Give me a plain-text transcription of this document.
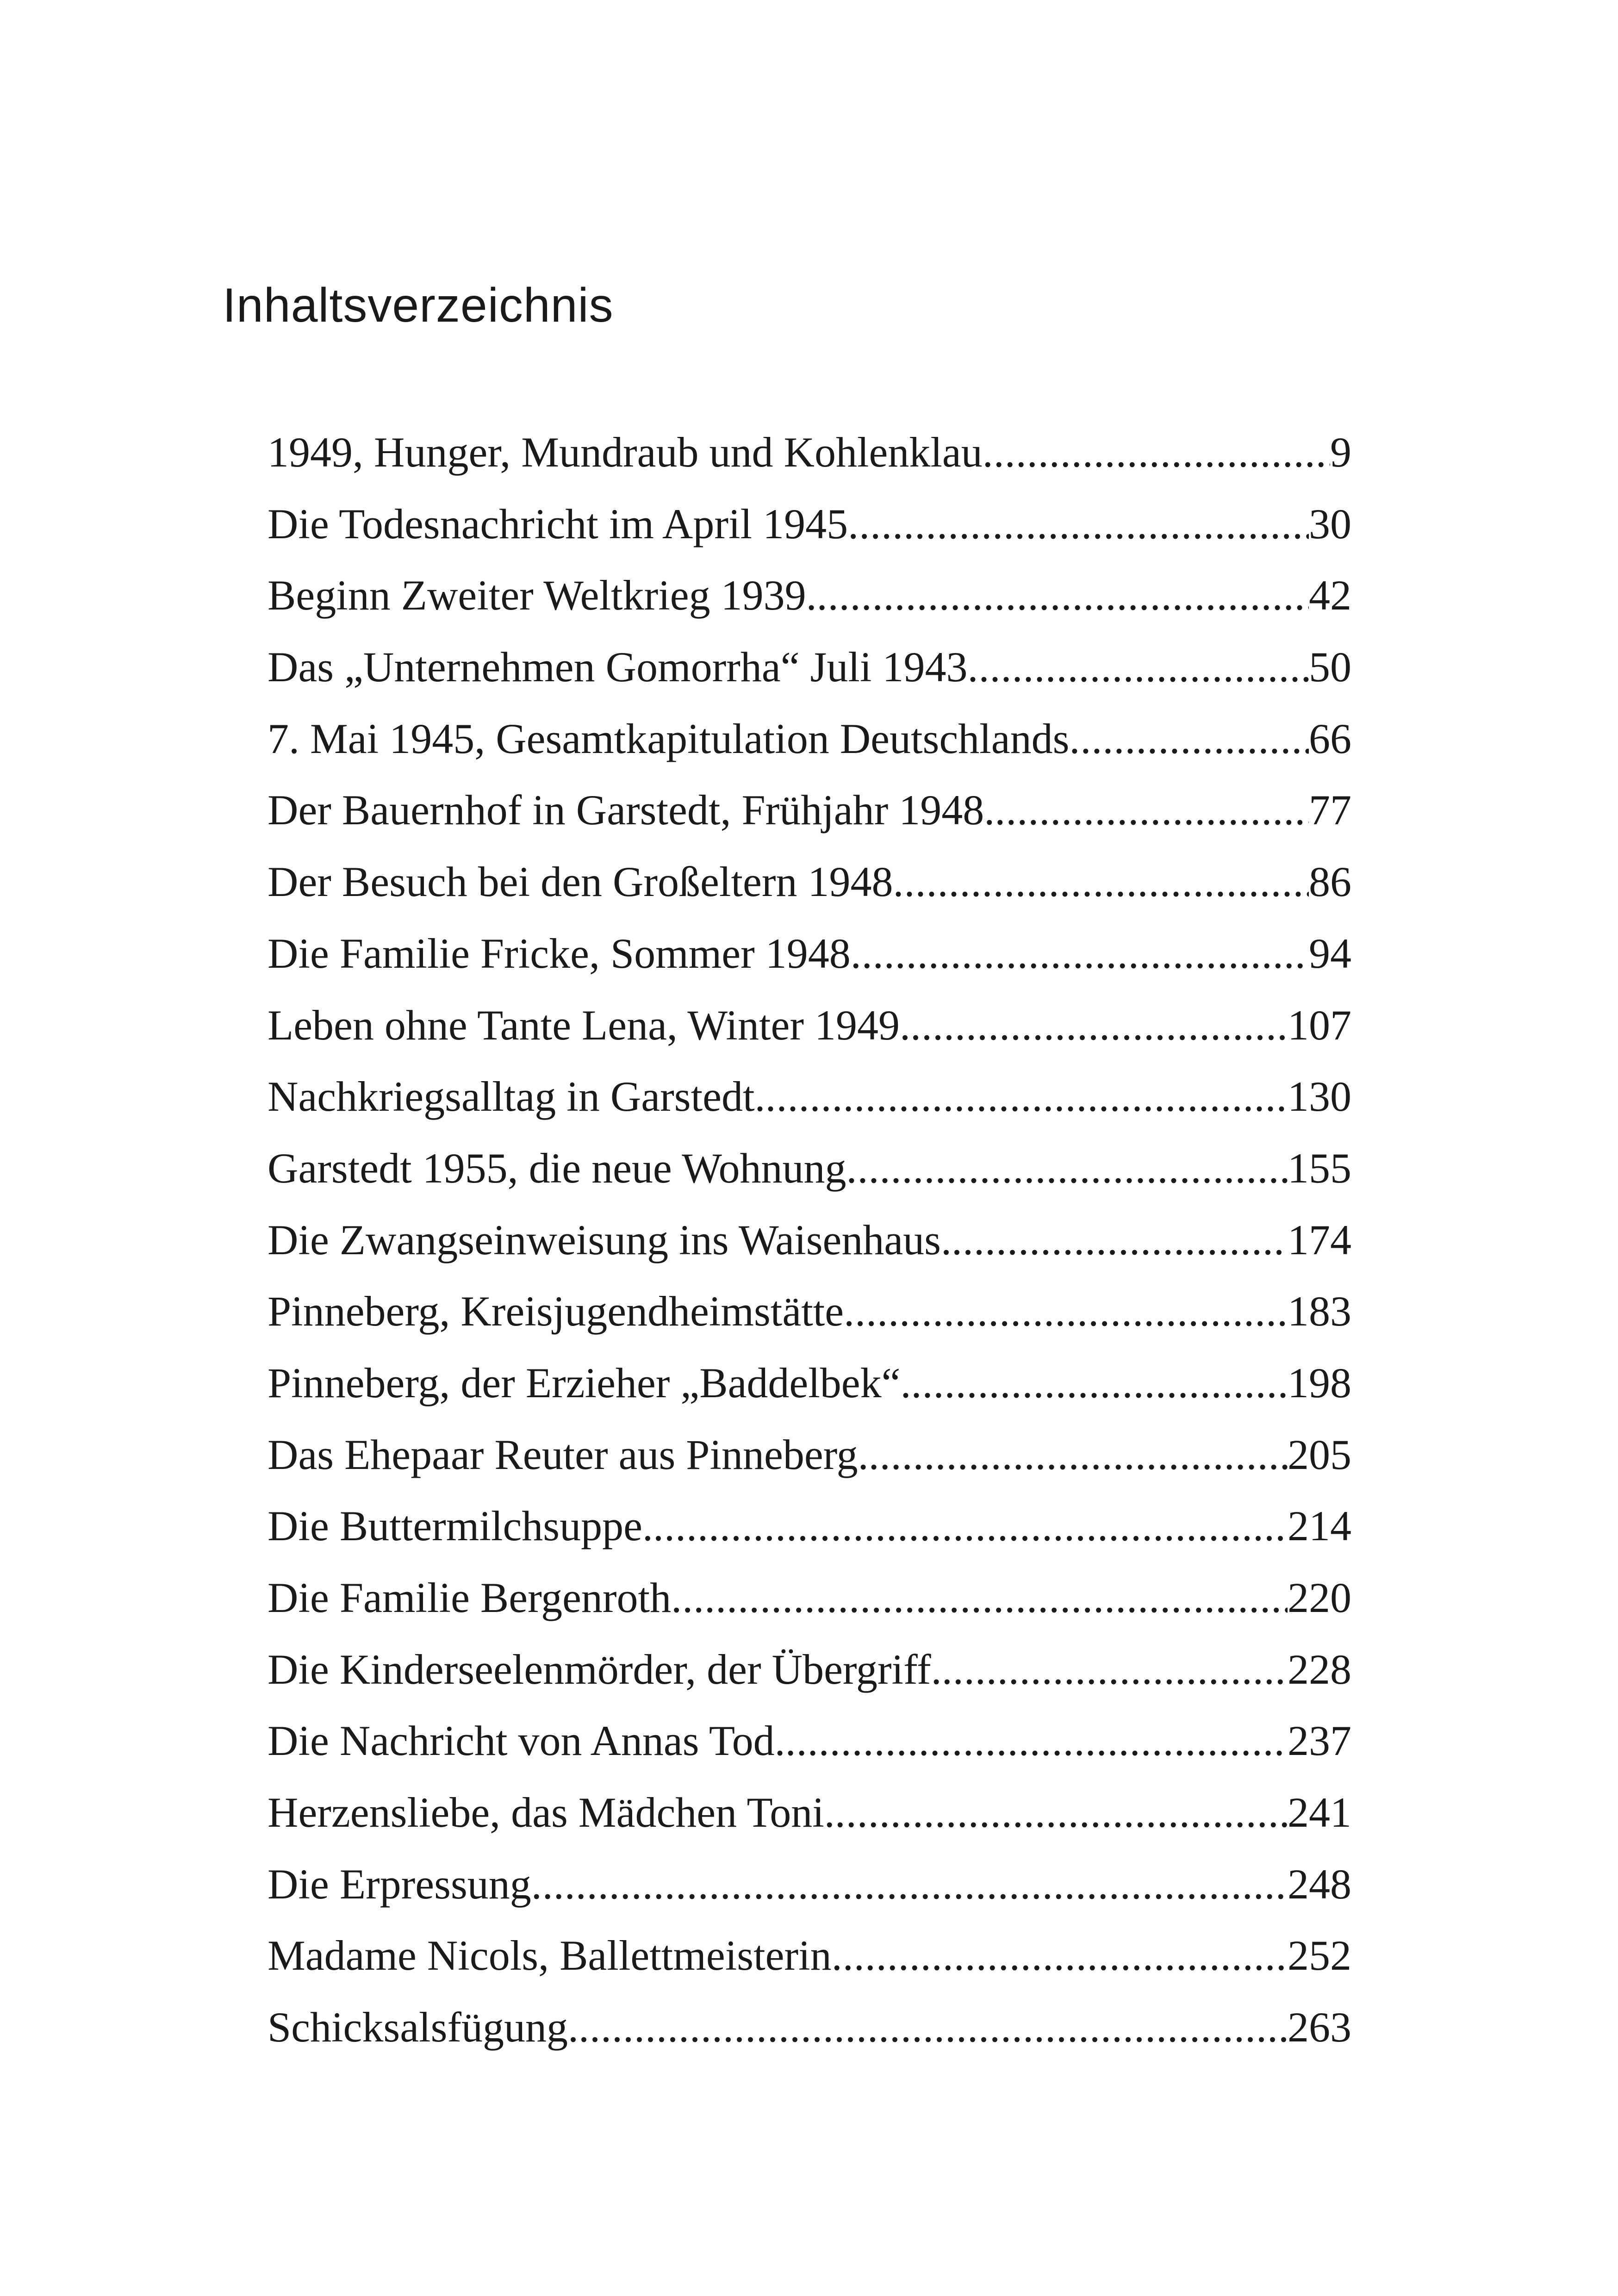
Inhaltsverzeichnis
1949, Hunger, Mundraub und Kohlenklau .....	9
Die Todesnachricht im April 1945 .....	30
Beginn Zweiter Weltkrieg 1939. .....	42
Das „Unternehmen Gomorrha“ Juli 1943 .....	50
7. Mai 1945, Gesamtkapitulation Deutschlands .....	66
Der Bauernhof in Garstedt, Frühjahr 1948. .....	77
Der Besuch bei den Großeltern 1948 .....	86
Die Familie Fricke, Sommer 1948 .....	94
Leben ohne Tante Lena, Winter 1949. .....	107
Nachkriegsalltag in Garstedt. .....	130
Garstedt 1955, die neue Wohnung .....	155
Die Zwangseinweisung ins Waisenhaus. .....	174
Pinneberg, Kreisjugendheimstätte .....	183
Pinneberg, der Erzieher „Baddelbek“. .....	198
Das Ehepaar Reuter aus Pinneberg. .....	205
Die Buttermilchsuppe. .....	214
Die Familie Bergenroth .....	220
Die Kinderseelenmörder, der Übergriff. .....	228
Die Nachricht von Annas Tod. .....	237
Herzensliebe, das Mädchen Toni. .....	241
Die Erpressung .....	248
Madame Nicols, Ballettmeisterin .....	252
Schicksalsfügung. .....	263
